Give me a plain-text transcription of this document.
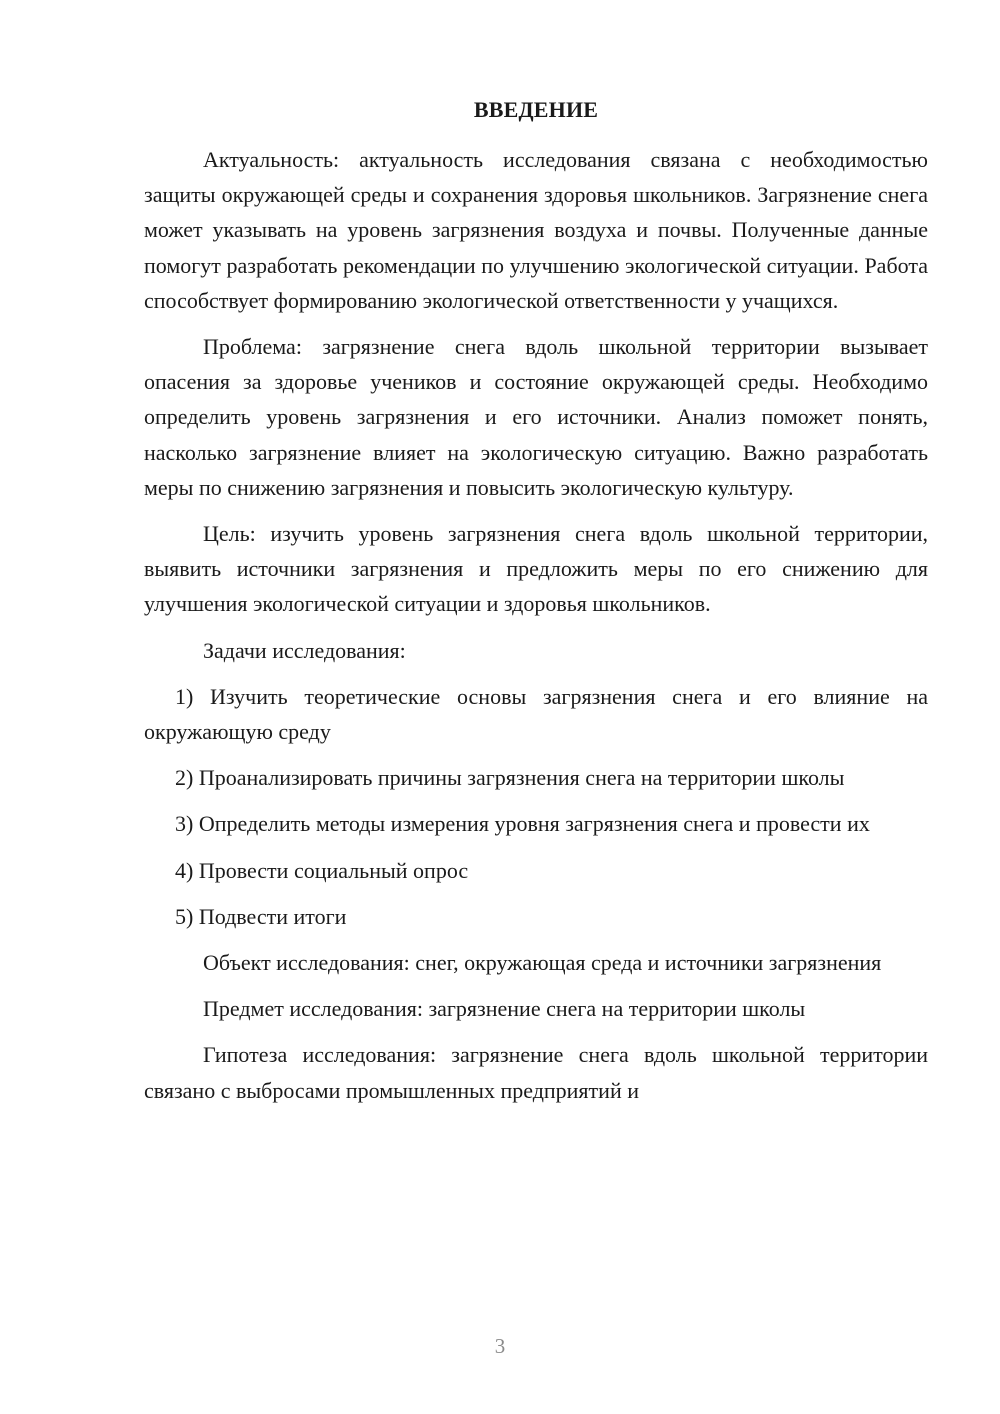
ВВЕДЕНИЕ

Актуальность: актуальность исследования связана с необходимостью защиты окружающей среды и сохранения здоровья школьников. Загрязнение снега может указывать на уровень загрязнения воздуха и почвы. Полученные данные помогут разработать рекомендации по улучшению экологической ситуации. Работа способствует формированию экологической ответственности у учащихся.

Проблема: загрязнение снега вдоль школьной территории вызывает опасения за здоровье учеников и состояние окружающей среды. Необходимо определить уровень загрязнения и его источники. Анализ поможет понять, насколько загрязнение влияет на экологическую ситуацию. Важно разработать меры по снижению загрязнения и повысить экологическую культуру.

Цель: изучить уровень загрязнения снега вдоль школьной территории, выявить источники загрязнения и предложить меры по его снижению для улучшения экологической ситуации и здоровья школьников.

Задачи исследования:

1) Изучить теоретические основы загрязнения снега и его влияние на окружающую среду

2) Проанализировать причины загрязнения снега на территории школы

3) Определить методы измерения уровня загрязнения снега и провести их

4) Провести социальный опрос

5) Подвести итоги

Объект исследования: снег, окружающая среда и источники загрязнения

Предмет исследования: загрязнение снега на территории школы

Гипотеза исследования: загрязнение снега вдоль школьной территории связано с выбросами промышленных предприятий и

3
